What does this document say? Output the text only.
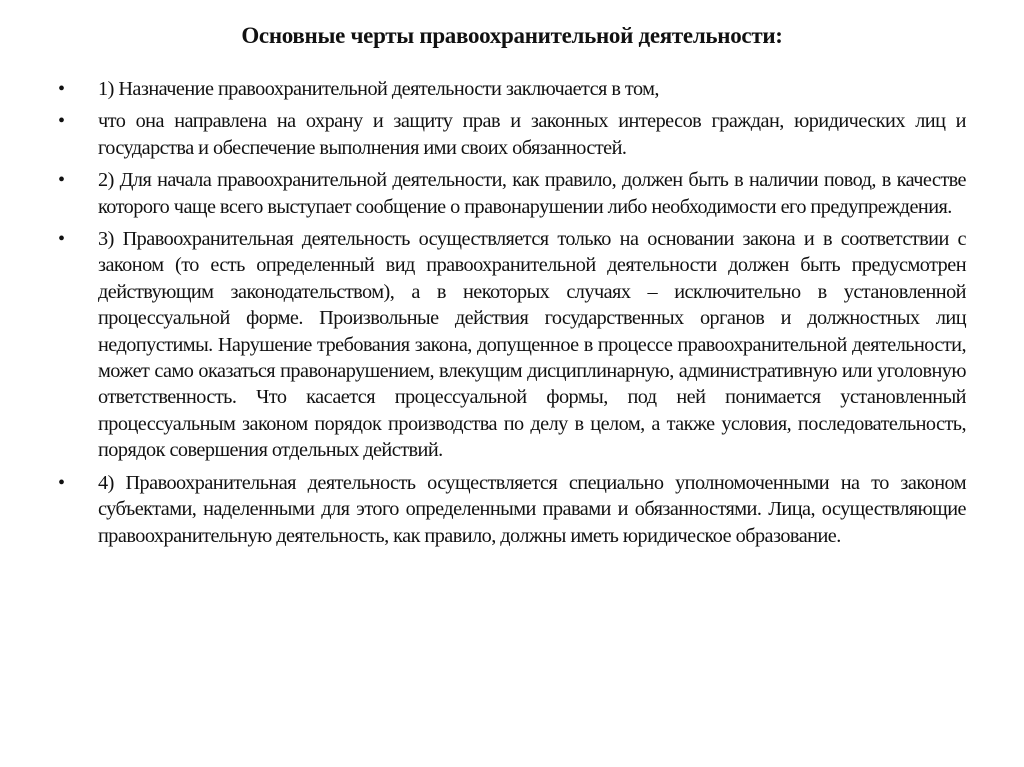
Основные черты правоохранительной деятельности:
•	1) Назначение правоохранительной деятельности заключается в том,
•	что она направлена на охрану и защиту прав и законных интересов граждан, юридических лиц и государства и обеспечение выполнения ими своих обязанностей.
•	2) Для начала правоохранительной деятельности, как правило, должен быть в наличии повод, в качестве которого чаще всего выступает сообщение о правонарушении либо необходимости его предупреждения.
•	3) Правоохранительная деятельность осуществляется только на основании закона и в соответствии с законом (то есть определенный вид правоохранительной деятельности должен быть предусмотрен действующим законодательством), а в некоторых случаях – исключительно в установленной процессуальной форме. Произвольные действия государственных органов и должностных лиц недопустимы. Нарушение требования закона, допущенное в процессе правоохранительной деятельности, может само оказаться правонарушением, влекущим дисциплинарную, административную или уголовную ответственность. Что касается процессуальной формы, под ней понимается установленный процессуальным законом порядок производства по делу в целом, а также условия, последовательность, порядок совершения отдельных действий.
•	4) Правоохранительная деятельность осуществляется специально уполномоченными на то законом субъектами, наделенными для этого определенными правами и обязанностями. Лица, осуществляющие правоохранительную деятельность, как правило, должны иметь юридическое образование.
